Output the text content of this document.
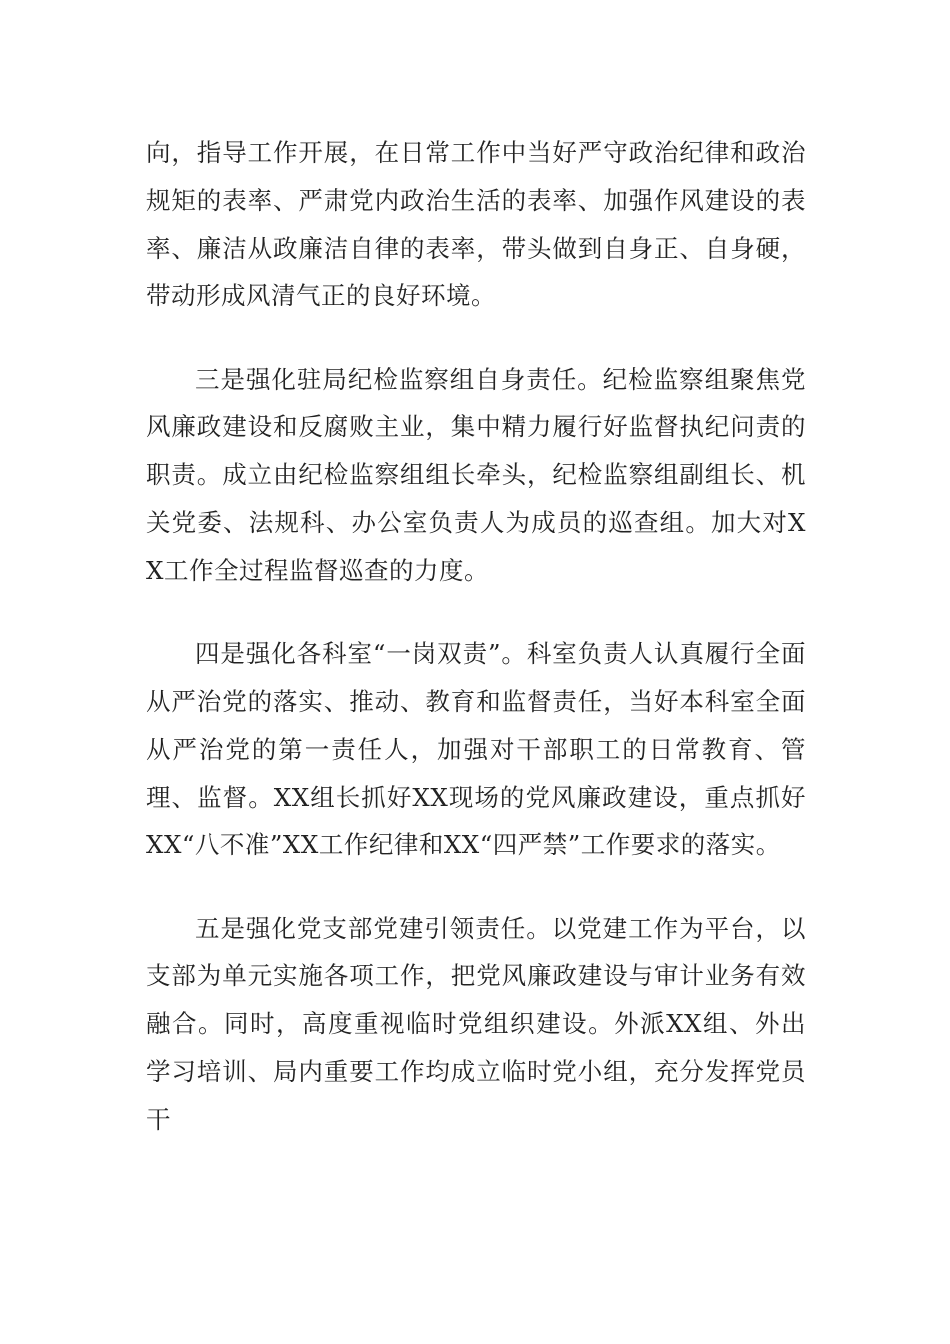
向，指导工作开展，在日常工作中当好严守政治纪律和政治规矩的表率、严肃党内政治生活的表率、加强作风建设的表率、廉洁从政廉洁自律的表率，带头做到自身正、自身硬，带动形成风清气正的良好环境。

三是强化驻局纪检监察组自身责任。纪检监察组聚焦党风廉政建设和反腐败主业，集中精力履行好监督执纪问责的职责。成立由纪检监察组组长牵头，纪检监察组副组长、机关党委、法规科、办公室负责人为成员的巡查组。加大对XX工作全过程监督巡查的力度。

四是强化各科室“一岗双责”。科室负责人认真履行全面从严治党的落实、推动、教育和监督责任，当好本科室全面从严治党的第一责任人，加强对干部职工的日常教育、管理、监督。XX组长抓好XX现场的党风廉政建设，重点抓好XX“八不准”XX工作纪律和XX“四严禁”工作要求的落实。

五是强化党支部党建引领责任。以党建工作为平台，以支部为单元实施各项工作，把党风廉政建设与审计业务有效融合。同时，高度重视临时党组织建设。外派XX组、外出学习培训、局内重要工作均成立临时党小组，充分发挥党员干
